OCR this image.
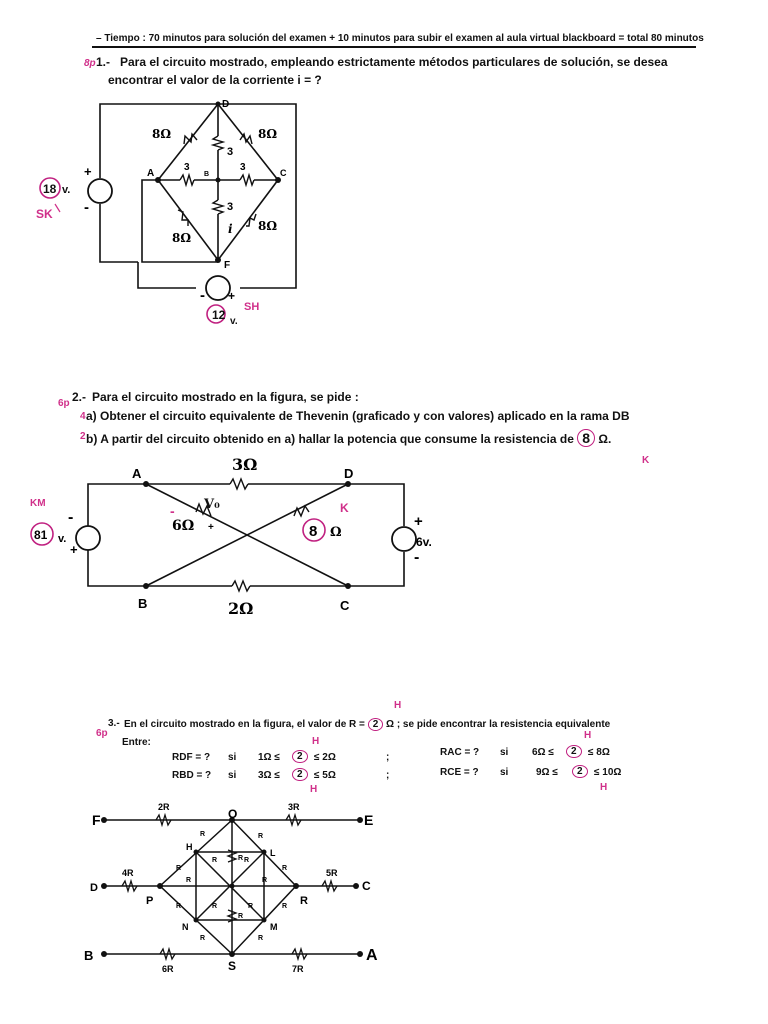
– Tiempo : 70 minutos para solución del examen + 10 minutos para subir el examen al aula virtual blackboard = total 80 minutos
8p 1.- Para el circuito mostrado, empleando estrictamente métodos particulares de solución, se desea
encontrar el valor de la corriente i = ?
D
A	B	C
F
8Ω	8Ω
3
3	3
3
8Ω
8Ω
i
+
-
- +
18 v.
SK
12 v.
SH
6p 2.- Para el circuito mostrado en la figura, se pide :
4 a) Obtener el circuito equivalente de Thevenin (graficado y con valores) aplicado en la rama DB
2 b) A partir del circuito obtenido en a) hallar la potencia que consume la resistencia de 8 Ω.
K
A	D
B	C
3Ω
6Ω
2Ω
V₀
-
+	8 Ω
K
-
+
KM
81 v.
+
-
6v.
6p
3.- En el circuito mostrado en la figura, el valor de R = 2 Ω ; se pide encontrar la resistencia equivalente
H
Entre:
RDF = ? si 1Ω ≤	2	≤ 2Ω	;
H
RAC = ? si 6Ω ≤	2	≤ 8Ω
H
RBD = ? si 3Ω ≤	2	≤ 5Ω	;
H
RCE = ? si	9Ω ≤	2	≤ 10Ω
H
F	E
D	C
B	A
O
S
P	R
H
L
N	M
2R	3R
4R	5R
6R	7R
R	R
R
R	R
R
R	R
R	R	R	R
R	R
R
R
